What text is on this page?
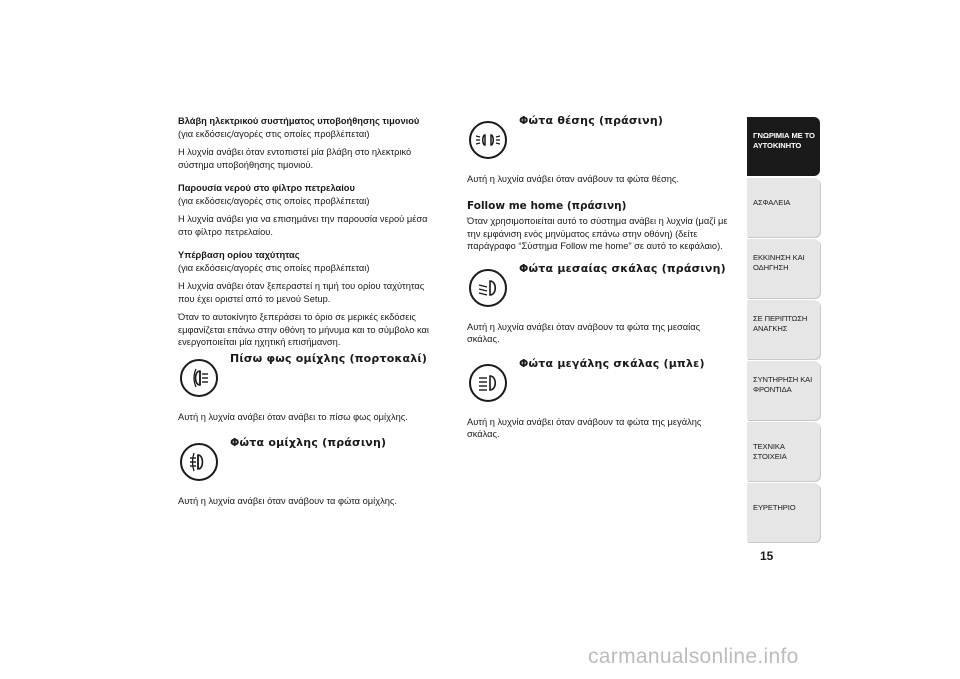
Βλάβη ηλεκτρικού συστήματος υποβοήθησης τιμονιού

(για εκδόσεις/αγορές στις οποίες προβλέπεται)

Η λυχνία ανάβει όταν εντοπιστεί μία βλάβη στο ηλεκτρικό σύστημα υποβοήθησης τιμονιού.

Παρουσία νερού στο φίλτρο πετρελαίου

(για εκδόσεις/αγορές στις οποίες προβλέπεται)

Η λυχνία ανάβει για να επισημάνει την παρουσία νερού μέσα στο φίλτρο πετρελαίου.

Υπέρβαση ορίου ταχύτητας

(για εκδόσεις/αγορές στις οποίες προβλέπεται)

Η λυχνία ανάβει όταν ξεπεραστεί η τιμή του ορίου ταχύτητας που έχει οριστεί από το μενού Setup.

Όταν το αυτοκίνητο ξεπεράσει το όριο σε μερικές εκδόσεις εμφανίζεται επάνω στην οθόνη το μήνυμα και το σύμβολο και ενεργοποιείται μία ηχητική επισήμανση.

Πίσω φως ομίχλης (πορτοκαλί)

Αυτή η λυχνία ανάβει όταν ανάβει το πίσω φως ομίχλης.

Φώτα ομίχλης (πράσινη)

Αυτή η λυχνία ανάβει όταν ανάβουν τα φώτα ομίχλης.

Φώτα θέσης (πράσινη)

Αυτή η λυχνία ανάβει όταν ανάβουν τα φώτα θέσης.

Follow me home (πράσινη)

Όταν χρησιμοποιείται αυτό το σύστημα ανάβει η λυχνία (μαζί με την εμφάνιση ενός μηνύματος επάνω στην οθόνη) (δείτε παράγραφο “Σύστημα Follow me home” σε αυτό το κεφάλαιο).

Φώτα μεσαίας σκάλας (πράσινη)

Αυτή η λυχνία ανάβει όταν ανάβουν τα φώτα της μεσαίας σκάλας.

Φώτα μεγάλης σκάλας (μπλε)

Αυτή η λυχνία ανάβει όταν ανάβουν τα φώτα της μεγάλης σκάλας.

ΓΝΩΡΙΜΙΑ ΜΕ ΤΟ
ΑΥΤΟΚΙΝΗΤΟ
ΑΣΦΑΛΕΙΑ
ΕΚΚΙΝΗΣΗ ΚΑΙ
ΟΔΗΓΗΣΗ
ΣΕ ΠΕΡΙΠΤΩΣΗ
ΑΝΑΓΚΗΣ
ΣΥΝΤΗΡΗΣΗ ΚΑΙ
ΦΡΟΝΤΙΔΑ
ΤΕΧΝΙΚΑ ΣΤΟΙΧΕΙΑ
ΕΥΡΕΤΗΡΙΟ
15
carmanualsonline.info
